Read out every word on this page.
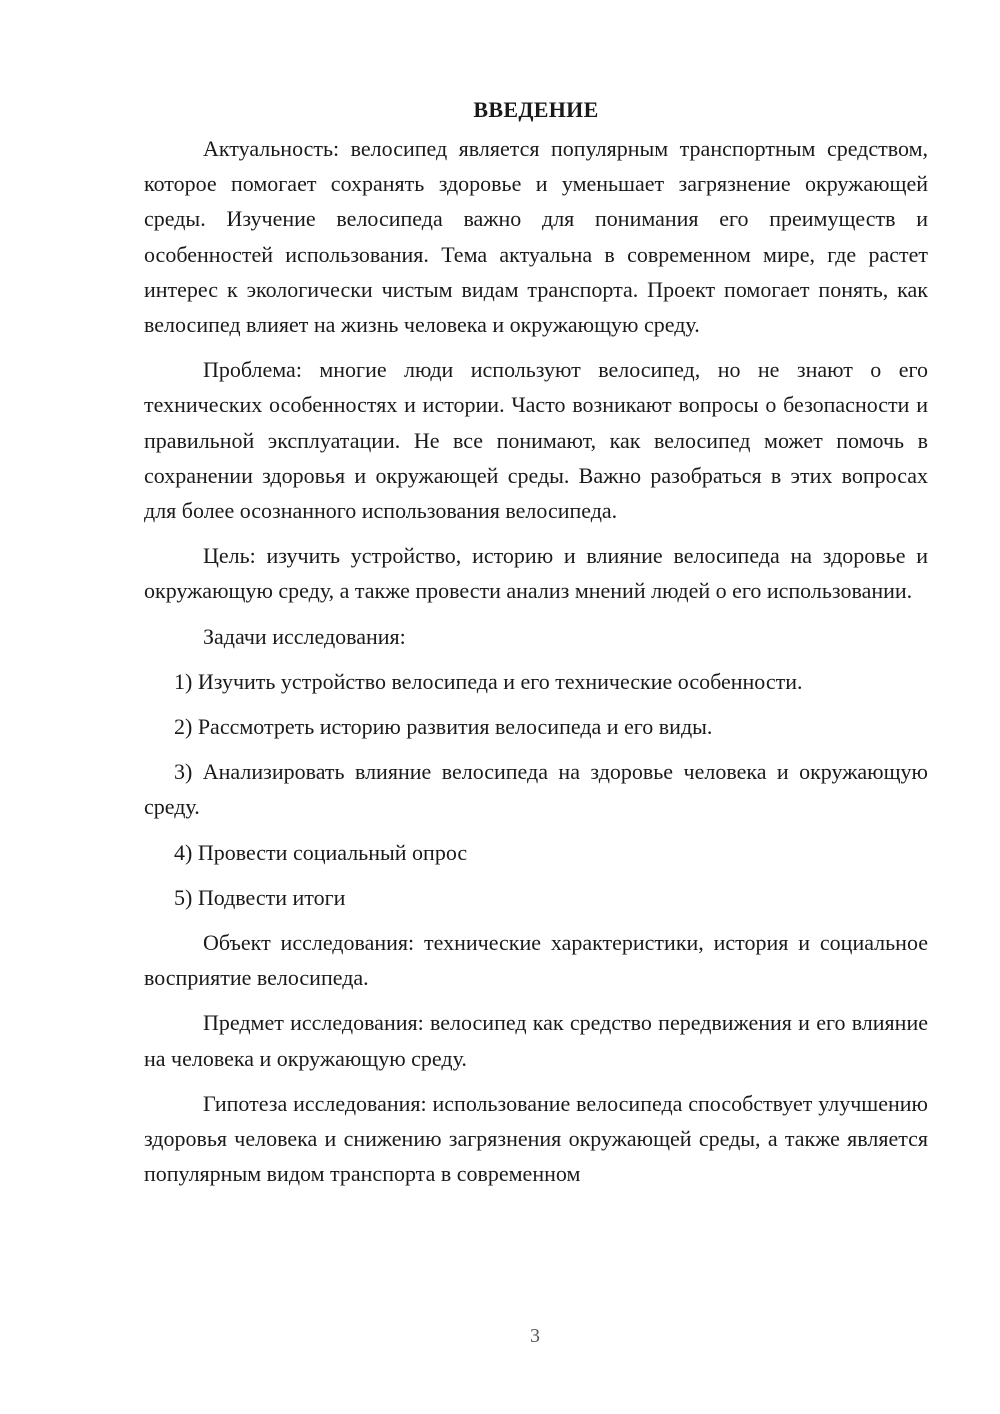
ВВЕДЕНИЕ

Актуальность: велосипед является популярным транспортным средством, которое помогает сохранять здоровье и уменьшает загрязнение окружающей среды. Изучение велосипеда важно для понимания его преимуществ и особенностей использования. Тема актуальна в современном мире, где растет интерес к экологически чистым видам транспорта. Проект помогает понять, как велосипед влияет на жизнь человека и окружающую среду.

Проблема: многие люди используют велосипед, но не знают о его технических особенностях и истории. Часто возникают вопросы о безопасности и правильной эксплуатации. Не все понимают, как велосипед может помочь в сохранении здоровья и окружающей среды. Важно разобраться в этих вопросах для более осознанного использования велосипеда.

Цель: изучить устройство, историю и влияние велосипеда на здоровье и окружающую среду, а также провести анализ мнений людей о его использовании.

Задачи исследования:

1) Изучить устройство велосипеда и его технические особенности.

2) Рассмотреть историю развития велосипеда и его виды.

3) Анализировать влияние велосипеда на здоровье человека и окружающую среду.

4) Провести социальный опрос

5) Подвести итоги

Объект исследования: технические характеристики, история и социальное восприятие велосипеда.

Предмет исследования: велосипед как средство передвижения и его влияние на человека и окружающую среду.

Гипотеза исследования: использование велосипеда способствует улучшению здоровья человека и снижению загрязнения окружающей среды, а также является популярным видом транспорта в современном

3
